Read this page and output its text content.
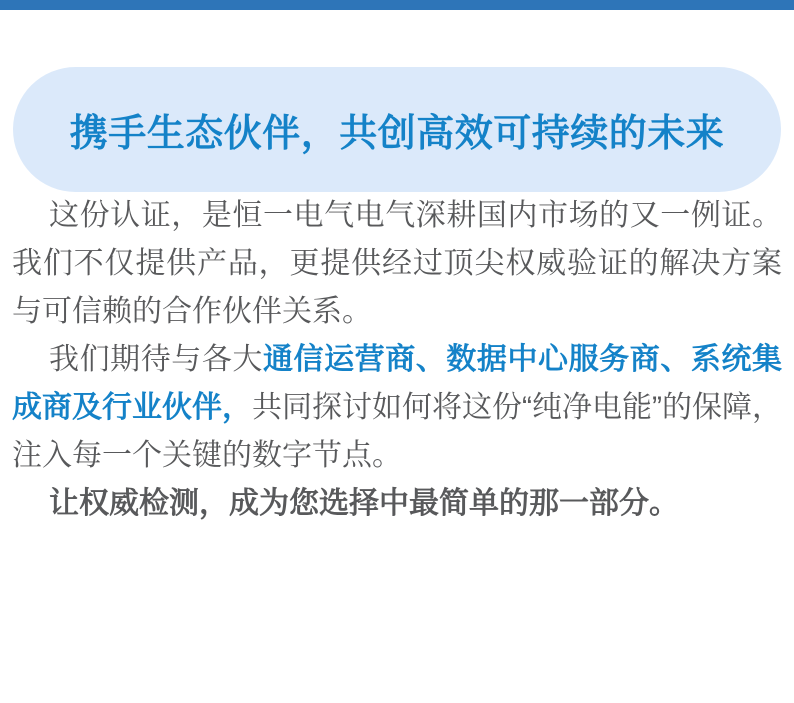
携手生态伙伴，共创高效可持续的未来

这份认证，是恒一电气电气深耕国内市场的又一例证。我们不仅提供产品，更提供经过顶尖权威验证的解决方案与可信赖的合作伙伴关系。

我们期待与各大通信运营商、数据中心服务商、系统集成商及行业伙伴，共同探讨如何将这份“纯净电能”的保障，注入每一个关键的数字节点。

让权威检测，成为您选择中最简单的那一部分。
